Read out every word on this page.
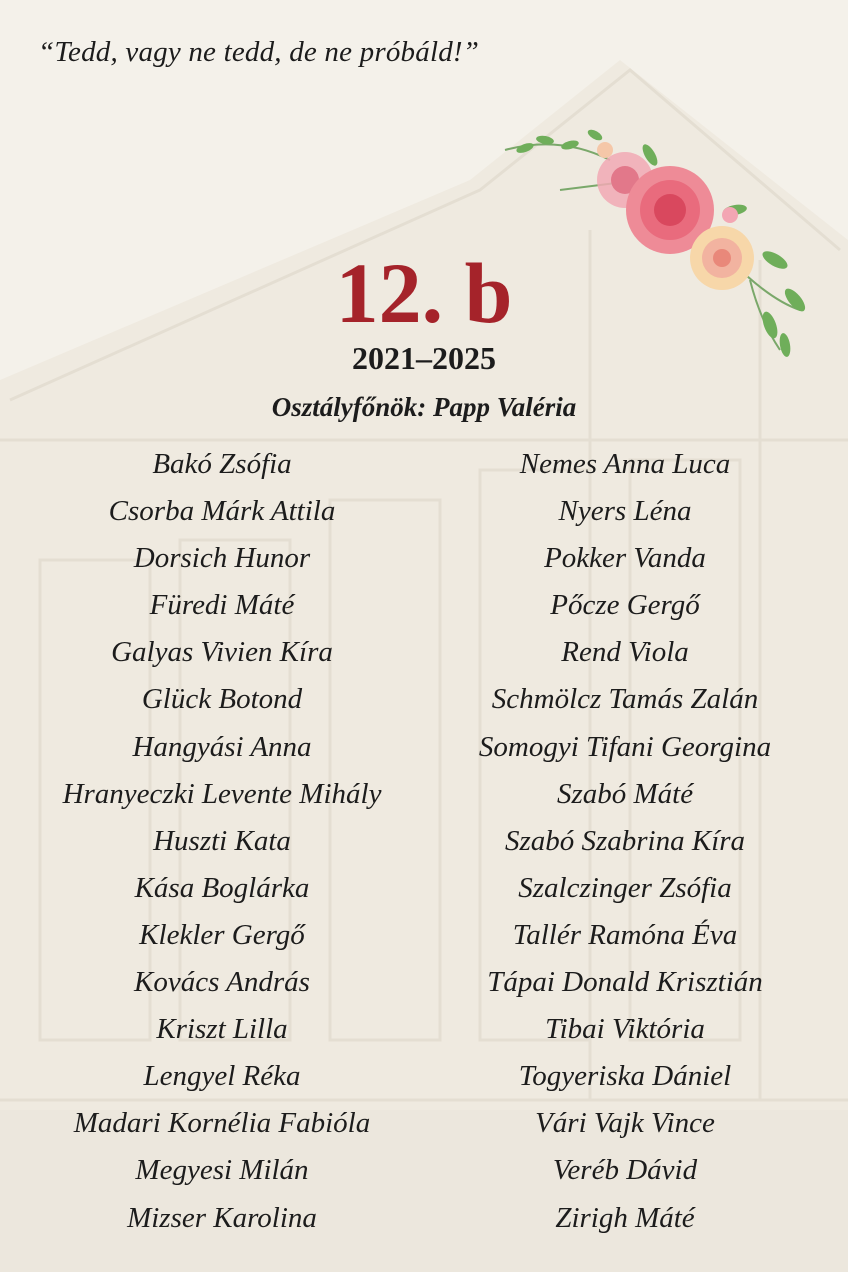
“Tedd, vagy ne tedd, de ne próbáld!”
12. b
2021–2025
Osztályfőnök: Papp Valéria
Bakó Zsófia
Csorba Márk Attila
Dorsich Hunor
Füredi Máté
Galyas Vivien Kíra
Glück Botond
Hangyási Anna
Hranyeczki Levente Mihály
Huszti Kata
Kása Boglárka
Klekler Gergő
Kovács András
Kriszt Lilla
Lengyel Réka
Madari Kornélia Fabióla
Megyesi Milán
Mizser Karolina
Nemes Anna Luca
Nyers Léna
Pokker Vanda
Pőcze Gergő
Rend Viola
Schmölcz Tamás Zalán
Somogyi Tifani Georgina
Szabó Máté
Szabó Szabrina Kíra
Szalczinger Zsófia
Tallér Ramóna Éva
Tápai Donald Krisztián
Tibai Viktória
Togyeriska Dániel
Vári Vajk Vince
Veréb Dávid
Zirigh Máté
